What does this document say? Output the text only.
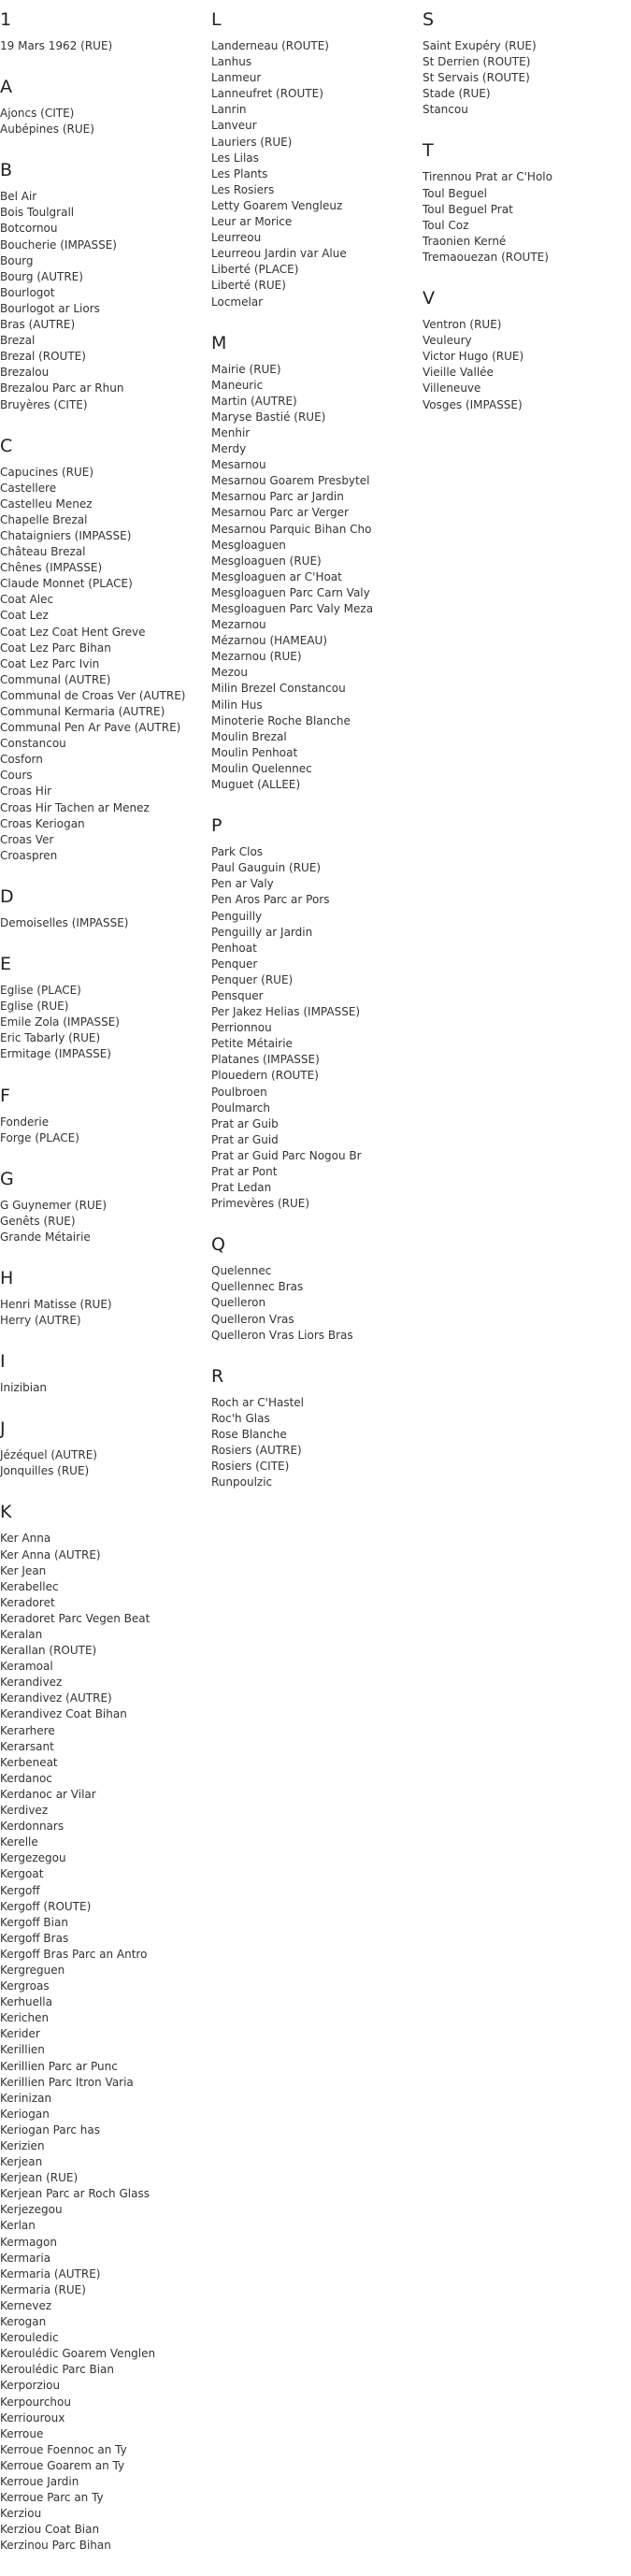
1
19 Mars 1962 (RUE)
A
Ajoncs (CITE)
Aubépines (RUE)
B
Bel Air
Bois Toulgrall
Botcornou
Boucherie (IMPASSE)
Bourg
Bourg (AUTRE)
Bourlogot
Bourlogot ar Liors
Bras (AUTRE)
Brezal
Brezal (ROUTE)
Brezalou
Brezalou Parc ar Rhun
Bruyères (CITE)
C
Capucines (RUE)
Castellere
Castelleu Menez
Chapelle Brezal
Chataigniers (IMPASSE)
Château Brezal
Chênes (IMPASSE)
Claude Monnet (PLACE)
Coat Alec
Coat Lez
Coat Lez Coat Hent Greve
Coat Lez Parc Bihan
Coat Lez Parc Ivin
Communal (AUTRE)
Communal de Croas Ver (AUTRE)
Communal Kermaria (AUTRE)
Communal Pen Ar Pave (AUTRE)
Constancou
Cosforn
Cours
Croas Hir
Croas Hir Tachen ar Menez
Croas Keriogan
Croas Ver
Croaspren
D
Demoiselles (IMPASSE)
E
Eglise (PLACE)
Eglise (RUE)
Emile Zola (IMPASSE)
Eric Tabarly (RUE)
Ermitage (IMPASSE)
F
Fonderie
Forge (PLACE)
G
G Guynemer (RUE)
Genêts (RUE)
Grande Métairie
H
Henri Matisse (RUE)
Herry (AUTRE)
I
Inizibian
J
Jézéquel (AUTRE)
Jonquilles (RUE)
K
Ker Anna
Ker Anna (AUTRE)
Ker Jean
Kerabellec
Keradoret
Keradoret Parc Vegen Beat
Keralan
Kerallan (ROUTE)
Keramoal
Kerandivez
Kerandivez (AUTRE)
Kerandivez Coat Bihan
Kerarhere
Kerarsant
Kerbeneat
Kerdanoc
Kerdanoc ar Vilar
Kerdivez
Kerdonnars
Kerelle
Kergezegou
Kergoat
Kergoff
Kergoff (ROUTE)
Kergoff Bian
Kergoff Bras
Kergoff Bras Parc an Antro
Kergreguen
Kergroas
Kerhuella
Kerichen
Kerider
Kerillien
Kerillien Parc ar Punc
Kerillien Parc Itron Varia
Kerinizan
Keriogan
Keriogan Parc has
Kerizien
Kerjean
Kerjean (RUE)
Kerjean Parc ar Roch Glass
Kerjezegou
Kerlan
Kermagon
Kermaria
Kermaria (AUTRE)
Kermaria (RUE)
Kernevez
Kerogan
Kerouledic
Keroulédic Goarem Venglen
Keroulédic Parc Bian
Kerporziou
Kerpourchou
Kerriouroux
Kerroue
Kerroue Foennoc an Ty
Kerroue Goarem an Ty
Kerroue Jardin
Kerroue Parc an Ty
Kerziou
Kerziou Coat Bian
Kerzinou Parc Bihan
L
Landerneau (ROUTE)
Lanhus
Lanmeur
Lanneufret (ROUTE)
Lanrin
Lanveur
Lauriers (RUE)
Les Lilas
Les Plants
Les Rosiers
Letty Goarem Vengleuz
Leur ar Morice
Leurreou
Leurreou Jardin var Alue
Liberté (PLACE)
Liberté (RUE)
Locmelar
M
Mairie (RUE)
Maneuric
Martin (AUTRE)
Maryse Bastié (RUE)
Menhir
Merdy
Mesarnou
Mesarnou Goarem Presbytel
Mesarnou Parc ar Jardin
Mesarnou Parc ar Verger
Mesarnou Parquic Bihan Cho
Mesgloaguen
Mesgloaguen (RUE)
Mesgloaguen ar C'Hoat
Mesgloaguen Parc Carn Valy
Mesgloaguen Parc Valy Meza
Mezarnou
Mézarnou (HAMEAU)
Mezarnou (RUE)
Mezou
Milin Brezel Constancou
Milin Hus
Minoterie Roche Blanche
Moulin Brezal
Moulin Penhoat
Moulin Quelennec
Muguet (ALLEE)
P
Park Clos
Paul Gauguin (RUE)
Pen ar Valy
Pen Aros Parc ar Pors
Penguilly
Penguilly ar Jardin
Penhoat
Penquer
Penquer (RUE)
Pensquer
Per Jakez Helias (IMPASSE)
Perrionnou
Petite Métairie
Platanes (IMPASSE)
Plouedern (ROUTE)
Poulbroen
Poulmarch
Prat ar Guib
Prat ar Guid
Prat ar Guid Parc Nogou Br
Prat ar Pont
Prat Ledan
Primevères (RUE)
Q
Quelennec
Quellennec Bras
Quelleron
Quelleron Vras
Quelleron Vras Liors Bras
R
Roch ar C'Hastel
Roc'h Glas
Rose Blanche
Rosiers (AUTRE)
Rosiers (CITE)
Runpoulzic
S
Saint Exupéry (RUE)
St Derrien (ROUTE)
St Servais (ROUTE)
Stade (RUE)
Stancou
T
Tirennou Prat ar C'Holo
Toul Beguel
Toul Beguel Prat
Toul Coz
Traonien Kerné
Tremaouezan (ROUTE)
V
Ventron (RUE)
Veuleury
Victor Hugo (RUE)
Vieille Vallée
Villeneuve
Vosges (IMPASSE)
